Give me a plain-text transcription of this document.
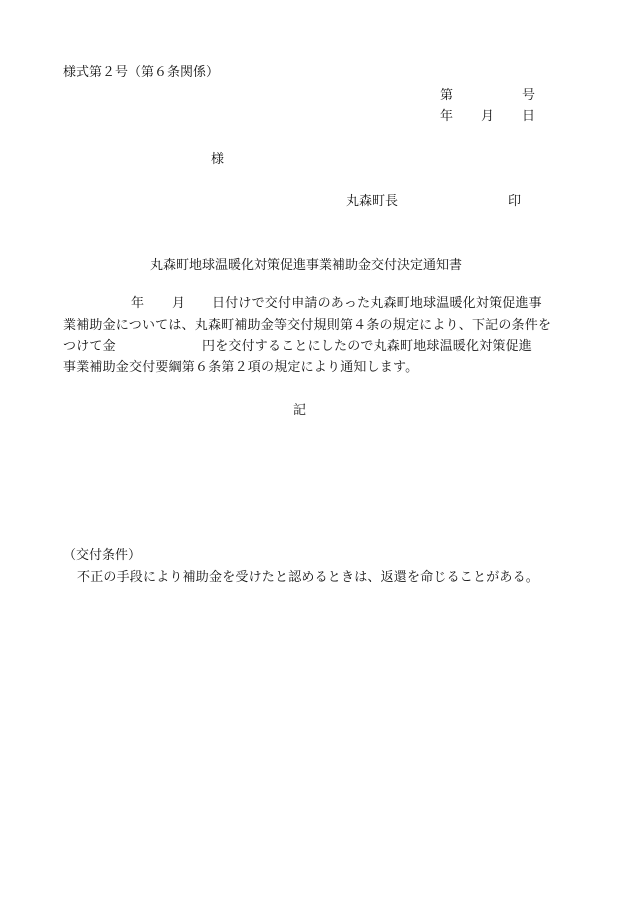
様式第２号（第６条関係）
第	号
年 月 日
様
丸森町長	印
丸森町地球温暖化対策促進事業補助金交付決定通知書
年 月 日付けで交付申請のあった丸森町地球温暖化対策促進事
業補助金については、丸森町補助金等交付規則第４条の規定により、下記の条件を
つけて金	円を交付することにしたので丸森町地球温暖化対策促進
事業補助金交付要綱第６条第２項の規定により通知します。
記
（交付条件）
不正の手段により補助金を受けたと認めるときは、返還を命じることがある。
